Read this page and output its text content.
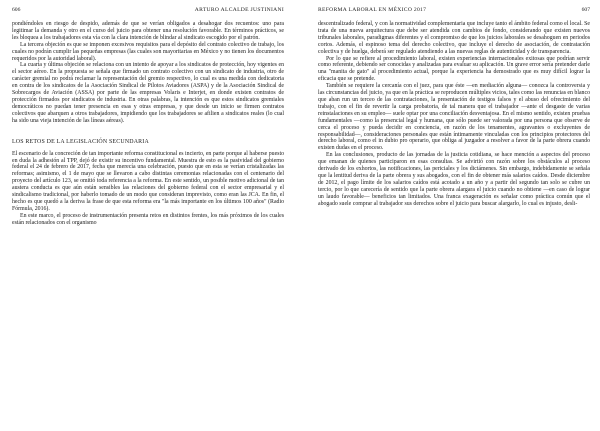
606	ARTURO ALCALDE JUSTINIANI

pondiéndoles en riesgo de despido, además de que se verían obligados a desahogar dos recuentos: uno para legitimar la demanda y otro en el curso del juicio para obtener una resolución favorable. En términos prácticos, se les bloquea a los trabajadores esta vía con la clara intención de blindar al sindicato escogido por el patrón.

La tercera objeción es que se imponen excesivos requisitos para el depósito del contrato colectivo de trabajo, los cuales no podrán cumplir las pequeñas empresas (las cuales son mayoritarias en México y no tienen los documentos requeridos por la autoridad laboral).

La cuarta y última objeción se relaciona con un intento de apoyar a los sindicatos de protección, hoy vigentes en el sector aéreo. En la propuesta se señala que firmado un contrato colectivo con un sindicato de industria, otro de carácter gremial no podrá reclamar la representación del gremio respectivo, lo cual es una medida con dedicatoria en contra de los sindicatos de la Asociación Sindical de Pilotos Aviadores (ASPA) y de la Asociación Sindical de Sobrecargos de Aviación (ASSA) por parte de las empresas Volaris e Interjet, en donde existen contratos de protección firmados por sindicatos de industria. En otras palabras, la intención es que estos sindicatos gremiales democráticos no puedan tener presencia en esas y otras empresas, y que desde un inicio se firmen contratos colectivos que abarquen a otros trabajadores, impidiendo que los trabajadores se afilien a sindicatos reales (lo cual ha sido una vieja intención de las líneas aéreas).

LOS RETOS DE LA LEGISLACIÓN SECUNDARIA

El escenario de la concreción de tan importante reforma constitucional es incierto, en parte porque al haberse puesto en duda la adhesión al TPP, dejó de existir su incentivo fundamental. Muestra de esto es la pasividad del gobierno federal el 24 de febrero de 2017, fecha que merecía una celebración, puesto que en esta se verían cristalizadas las reformas; asimismo, el 1 de mayo que se llevaron a cabo distintas ceremonias relacionadas con el centenario del proyecto del artículo 123, se omitió toda referencia a la reforma. En este sentido, un posible motivo adicional de tan austera conducta es que aún están sensibles las relaciones del gobierno federal con el sector empresarial y el sindicalismo tradicional, por haberlo tomado de un modo que consideran imprevisto, como eran las JCA. En fin, el hecho es que quedó a la deriva la frase de que esta reforma era "la más importante en los últimos 100 años" (Radio Fórmula, 2016).

En este marco, el proceso de instrumentación presenta retos en distintos frentes, los más próximos de los cuales están relacionados con el organismo

REFORMA LABORAL EN MÉXICO 2017	607

descentralizado federal, y con la normatividad complementaria que incluye tanto el ámbito federal como el local. Se trata de una nueva arquitectura que debe ser atendida con cambios de fondo, considerando que existen nuevos tribunales laborales, paradigmas diferentes y el compromiso de que los juicios laborales se desahoguen en periodos cortos. Además, el espinoso tema del derecho colectivo, que incluye el derecho de asociación, de contratación colectiva y de huelga, deberá ser regulado atendiendo a las nuevas reglas de autenticidad y de transparencia.

Por lo que se refiere al procedimiento laboral, existen experiencias internacionales exitosas que podrían servir como referente, debiendo ser conocidas y analizadas para evaluar su aplicación. Un grave error sería pretender darle una "manita de gato" al procedimiento actual, porque la experiencia ha demostrado que es muy difícil lograr la eficacia que se pretende.

También se requiere la cercanía con el juez, para que éste —en mediación alguna— conozca la controversia y las circunstancias del juicio, ya que en la práctica se reproducen múltiples vicios, tales como las renuncias en blanco que aban run un terceo de las contrataciones, la presentación de testigos falsos y el abuso del ofrecimiento del trabajo, con el fin de revertir la carga probatoria, de tal manera que el trabajador —ante el desgaste de varias reinstalaciones en su empleo— suele optar por una conciliación desventajosa. En el mismo sentido, existen pruebas fundamentales —como la presencial legal y humana, que sólo puede ser valorada por una persona que observe de cerca el proceso y pueda decidir en conciencia, en razón de los tenamentes, agravantes o excluyentes de responsabilidad—, consideraciones personales que están íntimamente vinculadas con los principios protectores del derecho laboral, como el in dubio pro operario, que obliga al juzgador a resolver a favor de la parte obrera cuando existen dudas en el proceso.

En las conclusiones, producto de las jornadas de la justicia cotidiana, se hace mención a aspectos del proceso que emanan de quienes participaron en esas consultas. Se advirtió con razón sobre los obstáculos al proceso derivado de los exhortos, las notificaciones, las periciales y los dictámenes. Sin embargo, indebidamente se señala que la lentitud deriva de la parte obrera y sus abogados, con el fin de obtener más salarios caídos. Desde diciembre de 2012, el pago límite de los salarios caídos está acotado a un año y a partir del segundo tan solo se cubre un tercio, por lo que carecería de sentido que la parte obrera alargara el juicio cuando no obtiene —en caso de lograr un laudo favorable— beneficios tan limitados. Una franca exageración es señalar como práctica común que el abogado suele comprar al trabajador sus derechos sobre el juicio para buscar alargarlo, lo cual es injusto, desli-
